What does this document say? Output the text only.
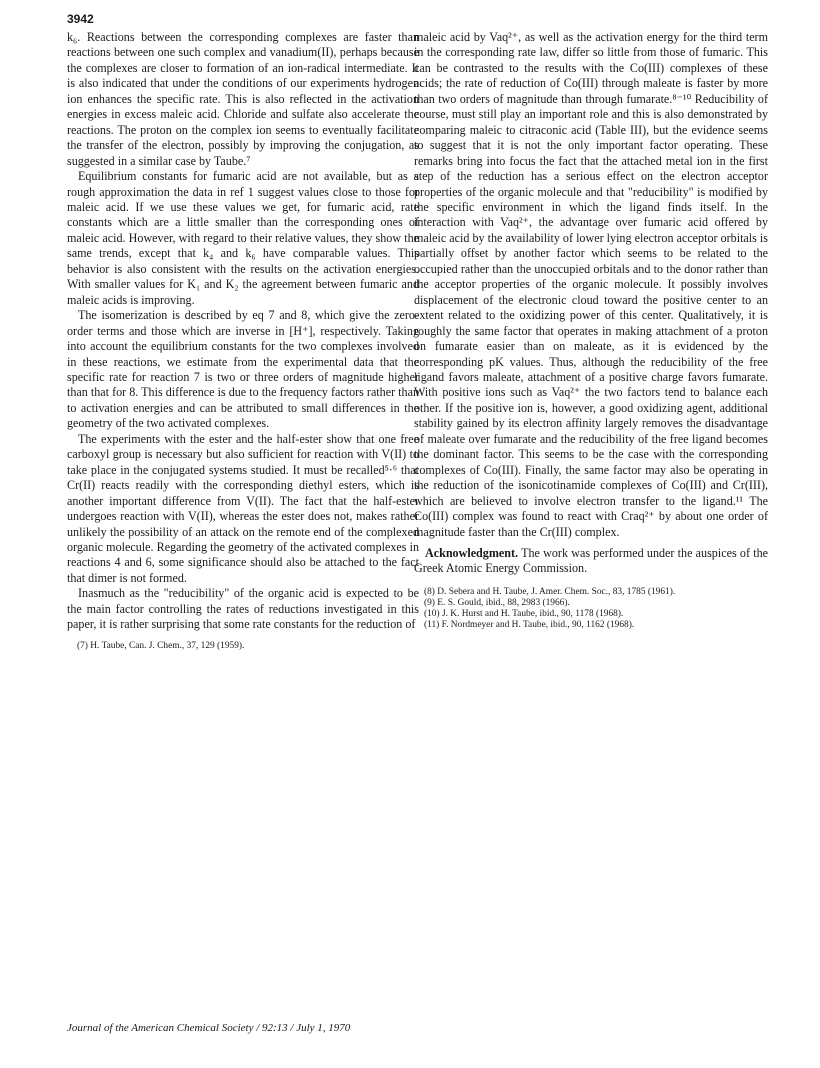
3942

k₆. Reactions between the corresponding complexes are faster than reactions between one such complex and vanadium(II), perhaps because the complexes are closer to formation of an ion-radical intermediate. It is also indicated that under the conditions of our experiments hydrogen ion enhances the specific rate. This is also reflected in the activation energies in excess maleic acid. Chloride and sulfate also accelerate the reactions. The proton on the complex ion seems to eventually facilitate the transfer of the electron, possibly by improving the conjugation, as suggested in a similar case by Taube.⁷

Equilibrium constants for fumaric acid are not available, but as a rough approximation the data in ref 1 suggest values close to those for maleic acid. If we use these values we get, for fumaric acid, rate constants which are a little smaller than the corresponding ones of maleic acid. However, with regard to their relative values, they show the same trends, except that k₄ and k₆ have comparable values. This behavior is also consistent with the results on the activation energies. With smaller values for K₁ and K₂ the agreement between fumaric and maleic acids is improving.

The isomerization is described by eq 7 and 8, which give the zero-order terms and those which are inverse in [H⁺], respectively. Taking into account the equilibrium constants for the two complexes involved in these reactions, we estimate from the experimental data that the specific rate for reaction 7 is two or three orders of magnitude higher than that for 8. This difference is due to the frequency factors rather than to activation energies and can be attributed to small differences in the geometry of the two activated complexes.

The experiments with the ester and the half-ester show that one free carboxyl group is necessary but also sufficient for reaction with V(II) to take place in the conjugated systems studied. It must be recalled⁵·⁶ that Cr(II) reacts readily with the corresponding diethyl esters, which is another important difference from V(II). The fact that the half-ester undergoes reaction with V(II), whereas the ester does not, makes rather unlikely the possibility of an attack on the remote end of the complexed organic molecule. Regarding the geometry of the activated complexes in reactions 4 and 6, some significance should also be attached to the fact that dimer is not formed.

Inasmuch as the "reducibility" of the organic acid is expected to be the main factor controlling the rates of reductions investigated in this paper, it is rather surprising that some rate constants for the reduction of

(7) H. Taube, Can. J. Chem., 37, 129 (1959).

maleic acid by Vaq²⁺, as well as the activation energy for the third term in the corresponding rate law, differ so little from those of fumaric. This can be contrasted to the results with the Co(III) complexes of these acids; the rate of reduction of Co(III) through maleate is faster by more than two orders of magnitude than through fumarate.⁸⁻¹⁰ Reducibility of course, must still play an important role and this is also demonstrated by comparing maleic to citraconic acid (Table III), but the evidence seems to suggest that it is not the only important factor operating. These remarks bring into focus the fact that the attached metal ion in the first step of the reduction has a serious effect on the electron acceptor properties of the organic molecule and that "reducibility" is modified by the specific environment in which the ligand finds itself. In the interaction with Vaq²⁺, the advantage over fumaric acid offered by maleic acid by the availability of lower lying electron acceptor orbitals is partially offset by another factor which seems to be related to the occupied rather than the unoccupied orbitals and to the donor rather than the acceptor properties of the organic molecule. It possibly involves displacement of the electronic cloud toward the positive center to an extent related to the oxidizing power of this center. Qualitatively, it is roughly the same factor that operates in making attachment of a proton on fumarate easier than on maleate, as it is evidenced by the corresponding pK values. Thus, although the reducibility of the free ligand favors maleate, attachment of a positive charge favors fumarate. With positive ions such as Vaq²⁺ the two factors tend to balance each other. If the positive ion is, however, a good oxidizing agent, additional stability gained by its electron affinity largely removes the disadvantage of maleate over fumarate and the reducibility of the free ligand becomes the dominant factor. This seems to be the case with the corresponding complexes of Co(III). Finally, the same factor may also be operating in the reduction of the isonicotinamide complexes of Co(III) and Cr(III), which are believed to involve electron transfer to the ligand.¹¹ The Co(III) complex was found to react with Craq²⁺ by about one order of magnitude faster than the Cr(III) complex.

Acknowledgment. The work was performed under the auspices of the Greek Atomic Energy Commission.

(8) D. Sebera and H. Taube, J. Amer. Chem. Soc., 83, 1785 (1961).

(9) E. S. Gould, ibid., 88, 2983 (1966).

(10) J. K. Hurst and H. Taube, ibid., 90, 1178 (1968).

(11) F. Nordmeyer and H. Taube, ibid., 90, 1162 (1968).

Journal of the American Chemical Society / 92:13 / July 1, 1970
